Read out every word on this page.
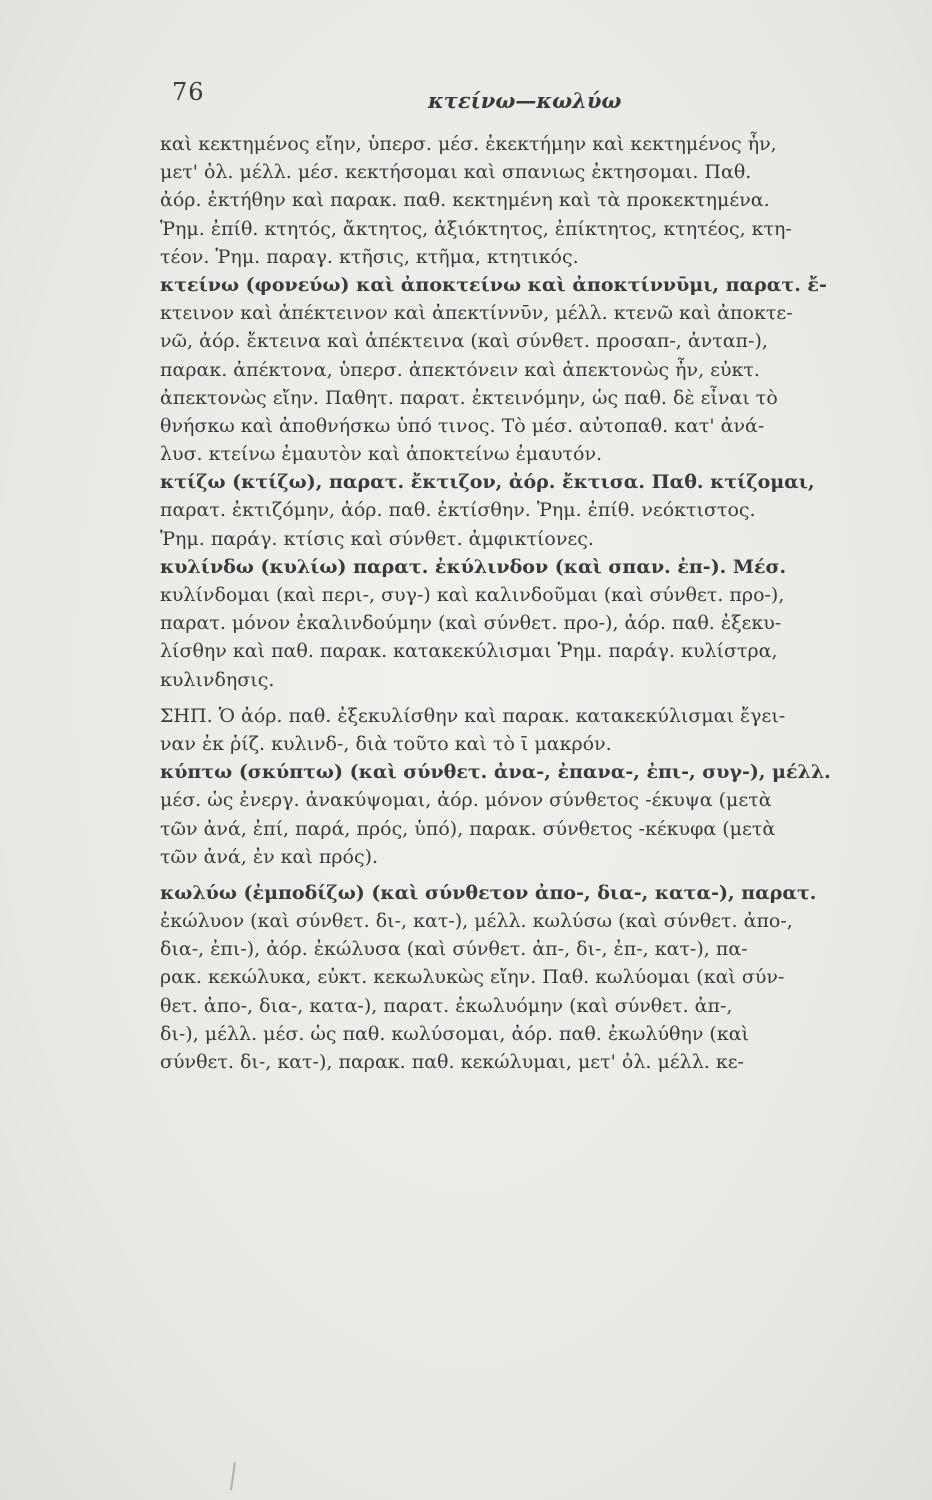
76	κτείνω—κωλύω
καὶ κεκτημένος εἴην, ὑπερσ. μέσ. ἐκεκτήμην καὶ κεκτημένος ἦν,
μετ' ὀλ. μέλλ. μέσ. κεκτήσομαι καὶ σπανιως ἐκτησομαι. Παθ.
ἀόρ. ἐκτήθην καὶ παρακ. παθ. κεκτημένη καὶ τὰ προκεκτημένα.
Ῥημ. ἐπίθ. κτητός, ἄκτητος, ἀξιόκτητος, ἐπίκτητος, κτητέος, κτη-
τέον. Ῥημ. παραγ. κτῆσις, κτῆμα, κτητικός.
κτείνω (φονεύω) καὶ ἀποκτείνω καὶ ἀποκτίννῡμι, παρατ. ἔ-
κτεινον καὶ ἀπέκτεινον καὶ ἀπεκτίννῡν, μέλλ. κτενῶ καὶ ἀποκτε-
νῶ, ἀόρ. ἔκτεινα καὶ ἀπέκτεινα (καὶ σύνθετ. προσαπ-, ἀνταπ-),
παρακ. ἀπέκτονα, ὑπερσ. ἀπεκτόνειν καὶ ἀπεκτονὼς ἦν, εὐκτ.
ἀπεκτονὼς εἴην. Παθητ. παρατ. ἐκτεινόμην, ὡς παθ. δὲ εἶναι τὸ
θνήσκω καὶ ἀποθνήσκω ὑπό τινος. Τὸ μέσ. αὐτοπαθ. κατ' ἀνά-
λυσ. κτείνω ἐμαυτὸν καὶ ἀποκτείνω ἐμαυτόν.
κτίζω (κτίζω), παρατ. ἔκτιζον, ἀόρ. ἔκτισα. Παθ. κτίζομαι,
παρατ. ἐκτιζόμην, ἀόρ. παθ. ἐκτίσθην. Ῥημ. ἐπίθ. νεόκτιστος.
Ῥημ. παράγ. κτίσις καὶ σύνθετ. ἀμφικτίονες.
κυλίνδω (κυλίω) παρατ. ἐκύλινδον (καὶ σπαν. ἐπ-). Μέσ.
κυλίνδομαι (καὶ περι-, συγ-) καὶ καλινδοῦμαι (καὶ σύνθετ. προ-),
παρατ. μόνον ἐκαλινδούμην (καὶ σύνθετ. προ-), ἀόρ. παθ. ἐξεκυ-
λίσθην καὶ παθ. παρακ. κατακεκύλισμαι Ῥημ. παράγ. κυλίστρα,
κυλινδησις.
ΣΗΠ. Ὁ ἀόρ. παθ. ἐξεκυλίσθην καὶ παρακ. κατακεκύλισμαι ἔγει-
ναν ἐκ ῥίζ. κυλινδ-, διὰ τοῦτο καὶ τὸ ῑ μακρόν.
κύπτω (σκύπτω) (καὶ σύνθετ. ἀνα-, ἐπανα-, ἐπι-, συγ-), μέλλ.
μέσ. ὡς ἐνεργ. ἀνακύψομαι, ἀόρ. μόνον σύνθετος -έκυψα (μετὰ
τῶν ἀνά, ἐπί, παρά, πρός, ὑπό), παρακ. σύνθετος -κέκυφα (μετὰ
τῶν ἀνά, ἐν καὶ πρός).
κωλύω (ἐμποδίζω) (καὶ σύνθετον ἀπο-, δια-, κατα-), παρατ.
ἐκώλυον (καὶ σύνθετ. δι-, κατ-), μέλλ. κωλύσω (καὶ σύνθετ. ἀπο-,
δια-, ἐπι-), ἀόρ. ἐκώλυσα (καὶ σύνθετ. ἀπ-, δι-, ἐπ-, κατ-), πα-
ρακ. κεκώλυκα, εὐκτ. κεκωλυκὼς εἴην. Παθ. κωλύομαι (καὶ σύν-
θετ. ἀπο-, δια-, κατα-), παρατ. ἐκωλυόμην (καὶ σύνθετ. ἀπ-,
δι-), μέλλ. μέσ. ὡς παθ. κωλύσομαι, ἀόρ. παθ. ἐκωλύθην (καὶ
σύνθετ. δι-, κατ-), παρακ. παθ. κεκώλυμαι, μετ' ὀλ. μέλλ. κε-
